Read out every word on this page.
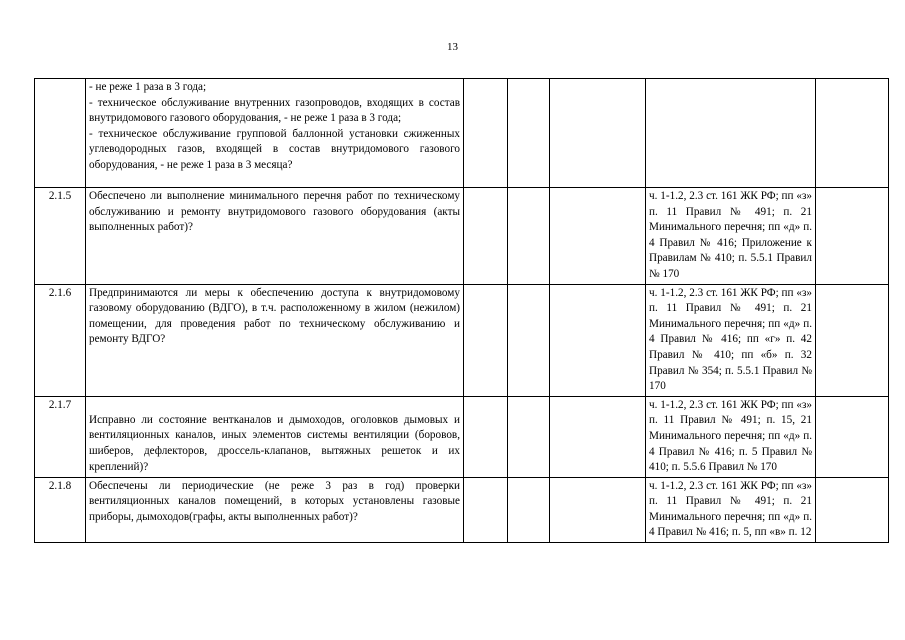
13

	- не реже 1 раза в 3 года;
- техническое обслуживание внутренних газопроводов, входящих в состав внутридомового газового оборудования, - не реже 1 раза в 3 года;
- техническое обслуживание групповой баллонной установки сжиженных углеводородных газов, входящей в состав внутридомового газового оборудования, - не реже 1 раза в 3 месяца?					

2.1.5	Обеспечено ли выполнение минимального перечня работ по техническому обслуживанию и ремонту внутридомового газового оборудования (акты выполненных работ)?				ч. 1-1.2, 2.3 ст. 161 ЖК РФ; пп «з» п. 11 Правил № 491; п. 21 Минимального перечня; пп «д» п. 4 Правил № 416; Приложение к Правилам № 410; п. 5.5.1 Правил № 170	
2.1.6	Предпринимаются ли меры к обеспечению доступа к внутридомовому газовому оборудованию (ВДГО), в т.ч. расположенному в жилом (нежилом) помещении, для проведения работ по техническому обслуживанию и ремонту ВДГО?				ч. 1-1.2, 2.3 ст. 161 ЖК РФ; пп «з» п. 11 Правил № 491; п. 21 Минимального перечня; пп «д» п. 4 Правил № 416; пп «г» п. 42 Правил № 410; пп «б» п. 32 Правил № 354; п. 5.5.1 Правил № 170	
2.1.7	Исправно ли состояние вентканалов и дымоходов, оголовков дымовых и вентиляционных каналов, иных элементов системы вентиляции (боровов, шиберов, дефлекторов, дроссель-клапанов, вытяжных решеток и их креплений)?				ч. 1-1.2, 2.3 ст. 161 ЖК РФ; пп «з» п. 11 Правил № 491; п. 15, 21 Минимального перечня; пп «д» п. 4 Правил № 416; п. 5 Правил № 410; п. 5.5.6 Правил № 170	
2.1.8	Обеспечены ли периодические (не реже 3 раз в год) проверки вентиляционных каналов помещений, в которых установлены газовые приборы, дымоходов(графы, акты выполненных работ)?				ч. 1-1.2, 2.3 ст. 161 ЖК РФ; пп «з» п. 11 Правил № 491; п. 21 Минимального перечня; пп «д» п. 4 Правил № 416; п. 5, пп «в» п. 12	
